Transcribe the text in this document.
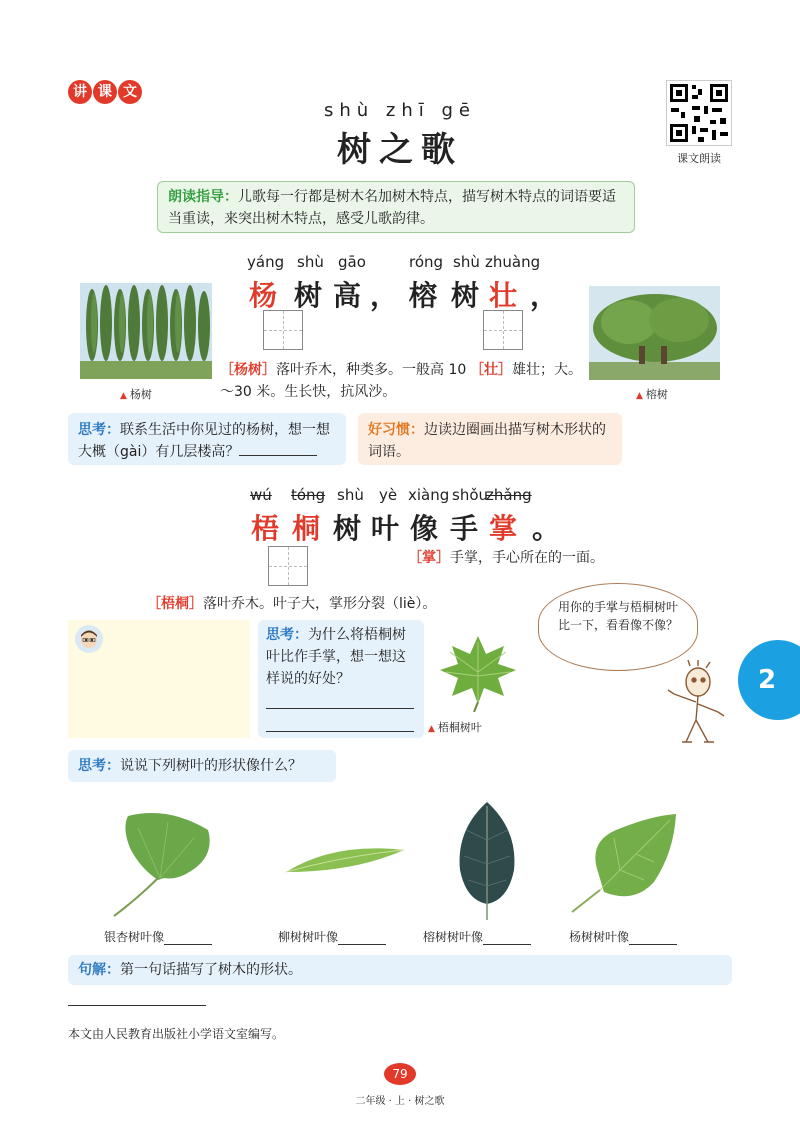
讲 课 文
shù zhī gē
树之歌	课文朗读
朗读指导：儿歌每一行都是树木名加树木特点，描写树木特点的词语要适当重读，来突出树木特点，感受儿歌韵律。
▲ 杨树
▲	榕树
yáng shù gāo	róng shù zhuàng
杨 树 高
， 榕 树 壮 ，
［杨树］落叶乔木，种类多。一般高 10～30 米。生长快，抗风沙。
［壮］雄壮；大。
思考：联系生活中你见过的杨树，想一想大概（gài）有几层楼高？
好习惯：边读边圈画出描写树木形状的词语。
wú tóng shù yè xiàng shǒu
zhǎng
梧 桐 树 叶 像 手 掌 。
［掌］手掌，手心所在的一面。
［梧桐］落叶乔木。叶子大，掌形分裂（liè）。
思考：为什么将梧桐树叶比作手掌，想一想这样说的好处？
▲ 梧桐树叶
用你的手掌与梧桐树叶比一下，看看像不像？
2
思考：说说下列树叶的形状像什么？
银杏树叶像	柳树树叶像	榕树树叶像	杨树树叶像
句解：第一句话描写了树木的形状。
本文由人民教育出版社小学语文室编写。
79
二年级 · 上 · 树之歌
